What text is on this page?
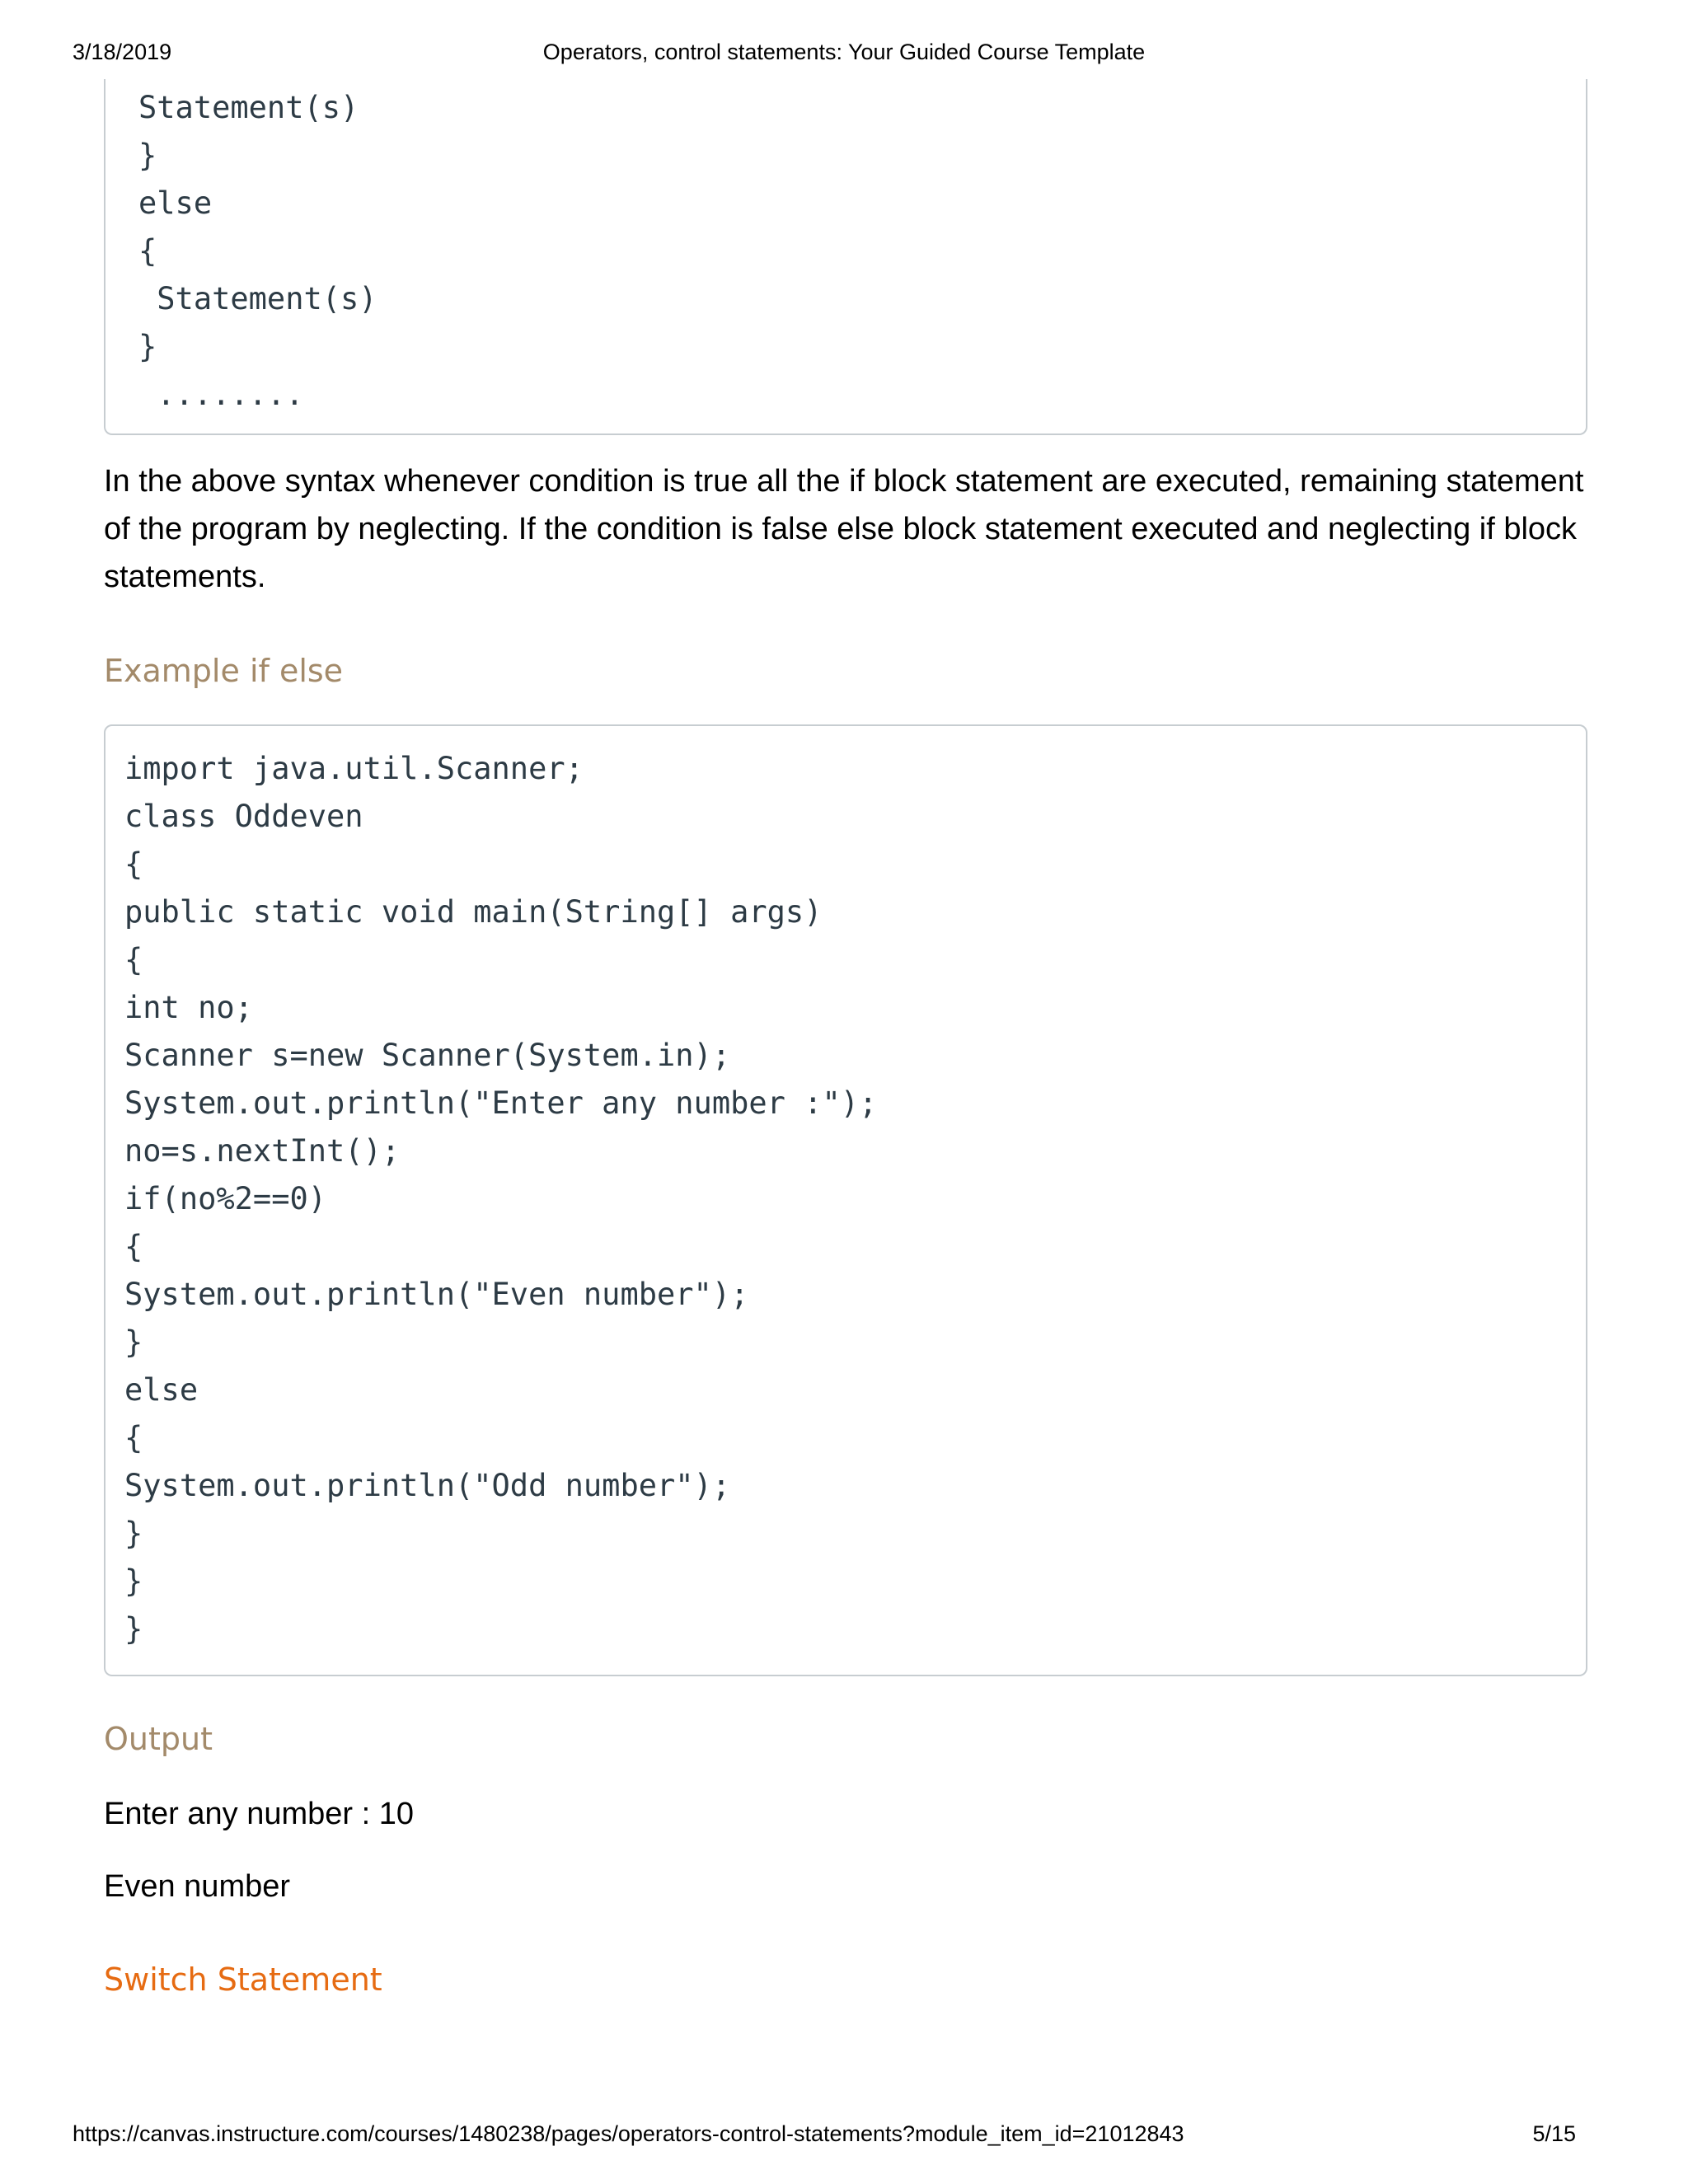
3/18/2019	Operators, control statements: Your Guided Course Template
Statement(s)
}
else
{
Statement(s)
}
........
In the above syntax whenever condition is true all the if block statement are executed, remaining statement of the program by neglecting. If the condition is false else block statement executed and neglecting if block statements.
Example if else
import java.util.Scanner;
class Oddeven
{
public static void main(String[] args)
{
int no;
Scanner s=new Scanner(System.in);
System.out.println("Enter any number :");
no=s.nextInt();
if(no%2==0)
{
System.out.println("Even number");
}
else
{
System.out.println("Odd number");
}
}
}
Output
Enter any number : 10
Even number
Switch Statement
https://canvas.instructure.com/courses/1480238/pages/operators-control-statements?module_item_id=21012843	5/15
